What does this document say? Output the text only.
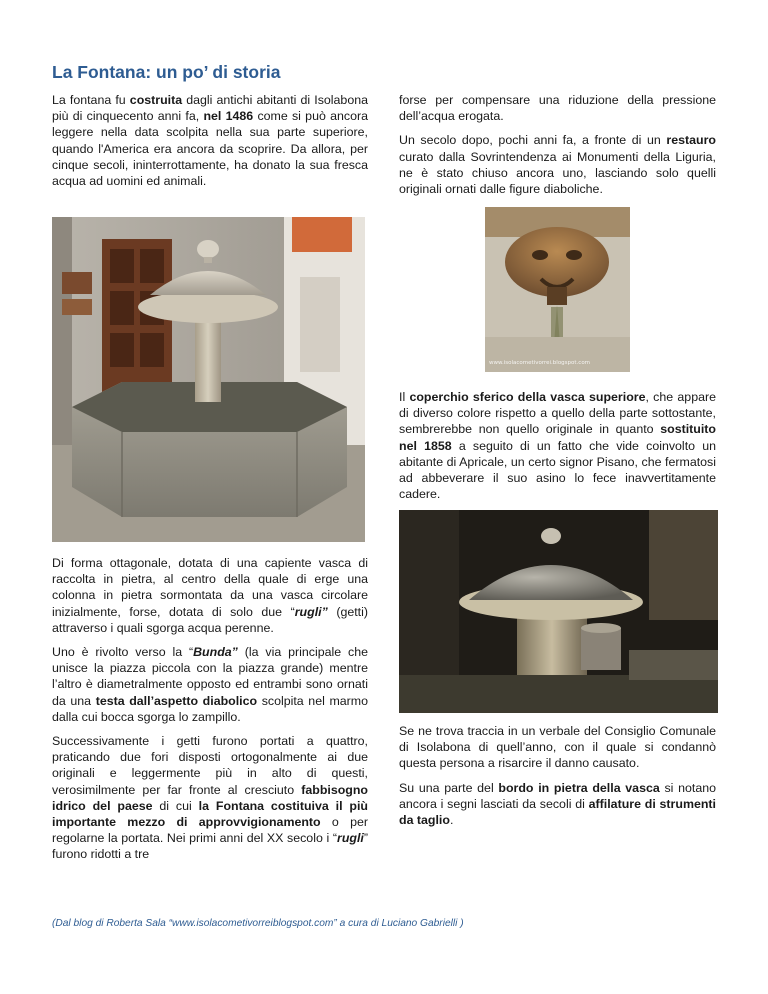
La Fontana: un po’ di storia

La fontana fu costruita dagli antichi abitanti di Isolabona più di cinquecento anni fa, nel 1486 come si può ancora leggere nella data scolpita nella sua parte superiore, quando l'America era ancora da scoprire. Da allora, per cinque secoli, ininterrottamente, ha donato la sua fresca acqua ad uomini ed animali.

Di forma ottagonale, dotata di una capiente vasca di raccolta in pietra, al centro della quale di erge una colonna in pietra sormontata da una vasca circolare inizialmente, forse, dotata di solo due “rugli” (getti) attraverso i quali sgorga acqua perenne.

Uno è rivolto verso la “Bunda” (la via principale che unisce la piazza piccola con la piazza grande) mentre l’altro è diametralmente opposto ed entrambi sono ornati da una testa dall’aspetto diabolico scolpita nel marmo dalla cui bocca sgorga lo zampillo.

Successivamente i getti furono portati a quattro, praticando due fori disposti ortogonalmente ai due originali e leggermente più in alto di questi, verosimilmente per far fronte al cresciuto fabbisogno idrico del paese di cui la Fontana costituiva il più importante mezzo di approvvigionamento o per regolarne la portata. Nei primi anni del XX secolo i “rugli” furono ridotti a tre

forse per compensare una riduzione della pressione dell’acqua erogata.

Un secolo dopo, pochi anni fa, a fronte di un restauro curato dalla Sovrintendenza ai Monumenti della Liguria, ne è stato chiuso ancora uno, lasciando solo quelli originali ornati dalle figure diaboliche.

www.isolacometivorrei.blogspot.com

Il coperchio sferico della vasca superiore, che appare di diverso colore rispetto a quello della parte sottostante, sembrerebbe non quello originale in quanto sostituito nel 1858 a seguito di un fatto che vide coinvolto un abitante di Apricale, un certo signor Pisano, che fermatosi ad abbeverare il suo asino lo fece inavvertitamente cadere.

Se ne trova traccia in un verbale del Consiglio Comunale di Isolabona di quell’anno, con il quale si condannò questa persona a risarcire il danno causato.

Su una parte del bordo in pietra della vasca si notano ancora i segni lasciati da secoli di affilature di strumenti da taglio.

(Dal blog di Roberta Sala “www.isolacometivorreiblogspot.com” a cura di Luciano Gabrielli )
